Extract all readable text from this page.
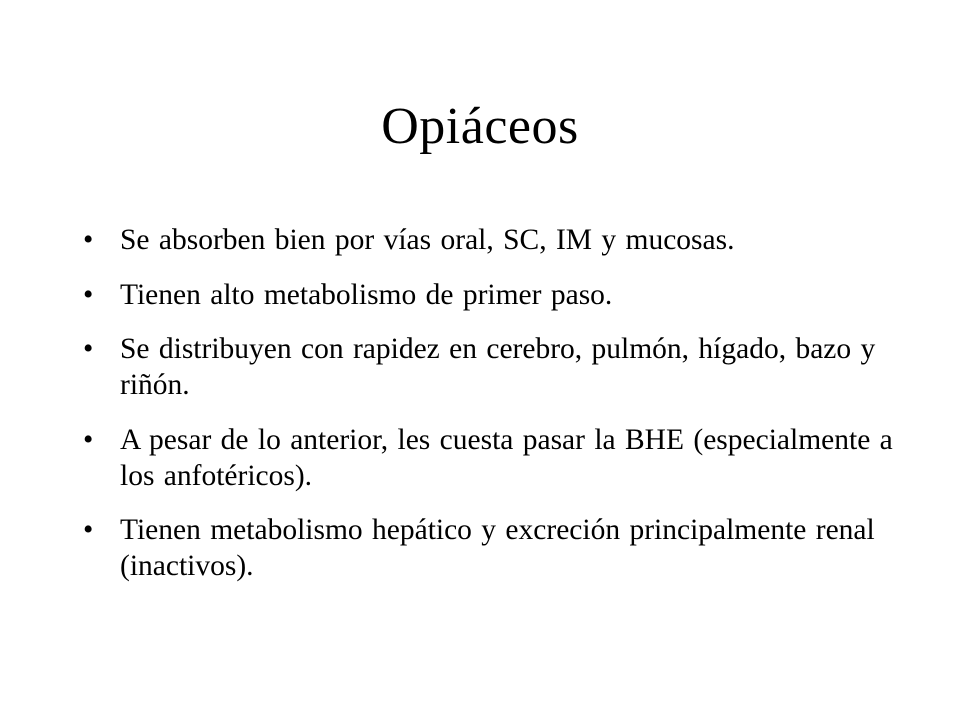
Opiáceos
• Se absorben bien por vías oral, SC, IM y mucosas.
• Tienen alto metabolismo de primer paso.
• Se distribuyen con rapidez en cerebro, pulmón, hígado, bazo y riñón.
• A pesar de lo anterior, les cuesta pasar la BHE (especialmente a los anfotéricos).
• Tienen metabolismo hepático y excreción principalmente renal (inactivos).
